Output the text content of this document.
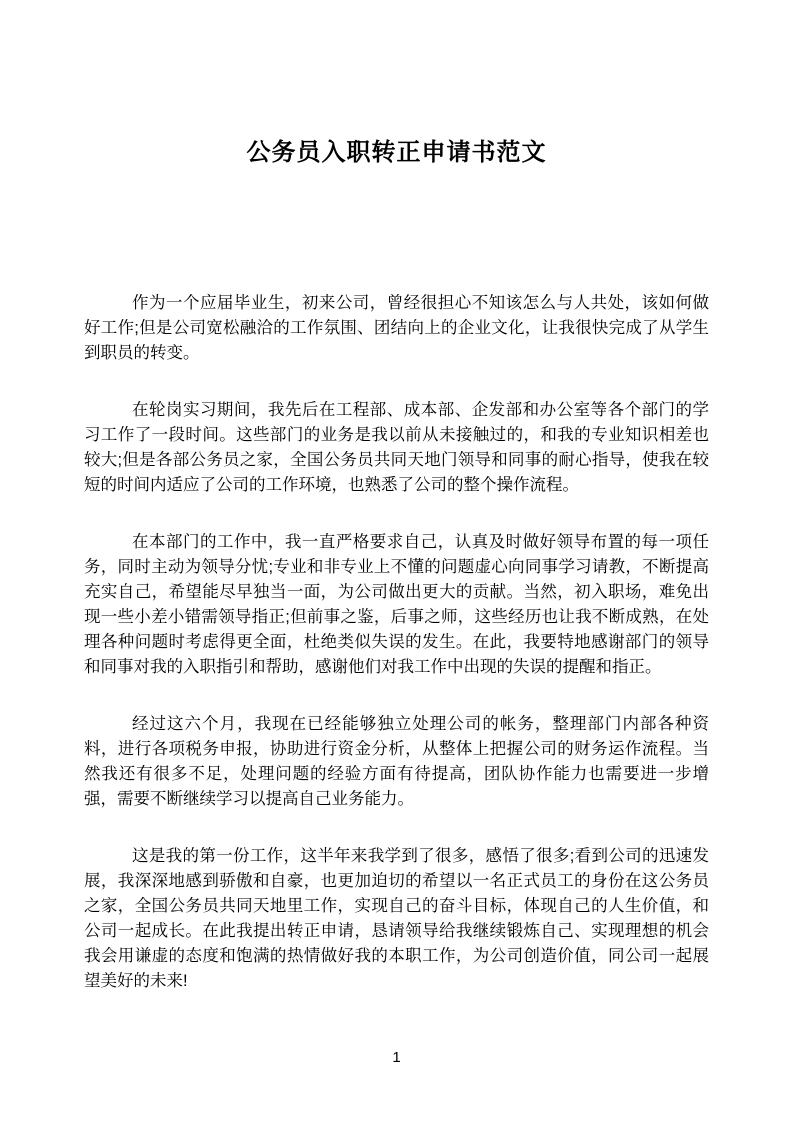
公务员入职转正申请书范文

作为一个应届毕业生，初来公司，曾经很担心不知该怎么与人共处，该如何做好工作;但是公司宽松融洽的工作氛围、团结向上的企业文化，让我很快完成了从学生到职员的转变。

在轮岗实习期间，我先后在工程部、成本部、企发部和办公室等各个部门的学习工作了一段时间。这些部门的业务是我以前从未接触过的，和我的专业知识相差也较大;但是各部公务员之家，全国公务员共同天地门领导和同事的耐心指导，使我在较短的时间内适应了公司的工作环境，也熟悉了公司的整个操作流程。

在本部门的工作中，我一直严格要求自己，认真及时做好领导布置的每一项任务，同时主动为领导分忧;专业和非专业上不懂的问题虚心向同事学习请教，不断提高充实自己，希望能尽早独当一面，为公司做出更大的贡献。当然，初入职场，难免出现一些小差小错需领导指正;但前事之鉴，后事之师，这些经历也让我不断成熟，在处理各种问题时考虑得更全面，杜绝类似失误的发生。在此，我要特地感谢部门的领导和同事对我的入职指引和帮助，感谢他们对我工作中出现的失误的提醒和指正。

经过这六个月，我现在已经能够独立处理公司的帐务，整理部门内部各种资料，进行各项税务申报，协助进行资金分析，从整体上把握公司的财务运作流程。当然我还有很多不足，处理问题的经验方面有待提高，团队协作能力也需要进一步增强，需要不断继续学习以提高自己业务能力。

这是我的第一份工作，这半年来我学到了很多，感悟了很多;看到公司的迅速发展，我深深地感到骄傲和自豪，也更加迫切的希望以一名正式员工的身份在这公务员之家，全国公务员共同天地里工作，实现自己的奋斗目标，体现自己的人生价值，和公司一起成长。在此我提出转正申请，恳请领导给我继续锻炼自己、实现理想的机会我会用谦虚的态度和饱满的热情做好我的本职工作，为公司创造价值，同公司一起展望美好的未来!

1
